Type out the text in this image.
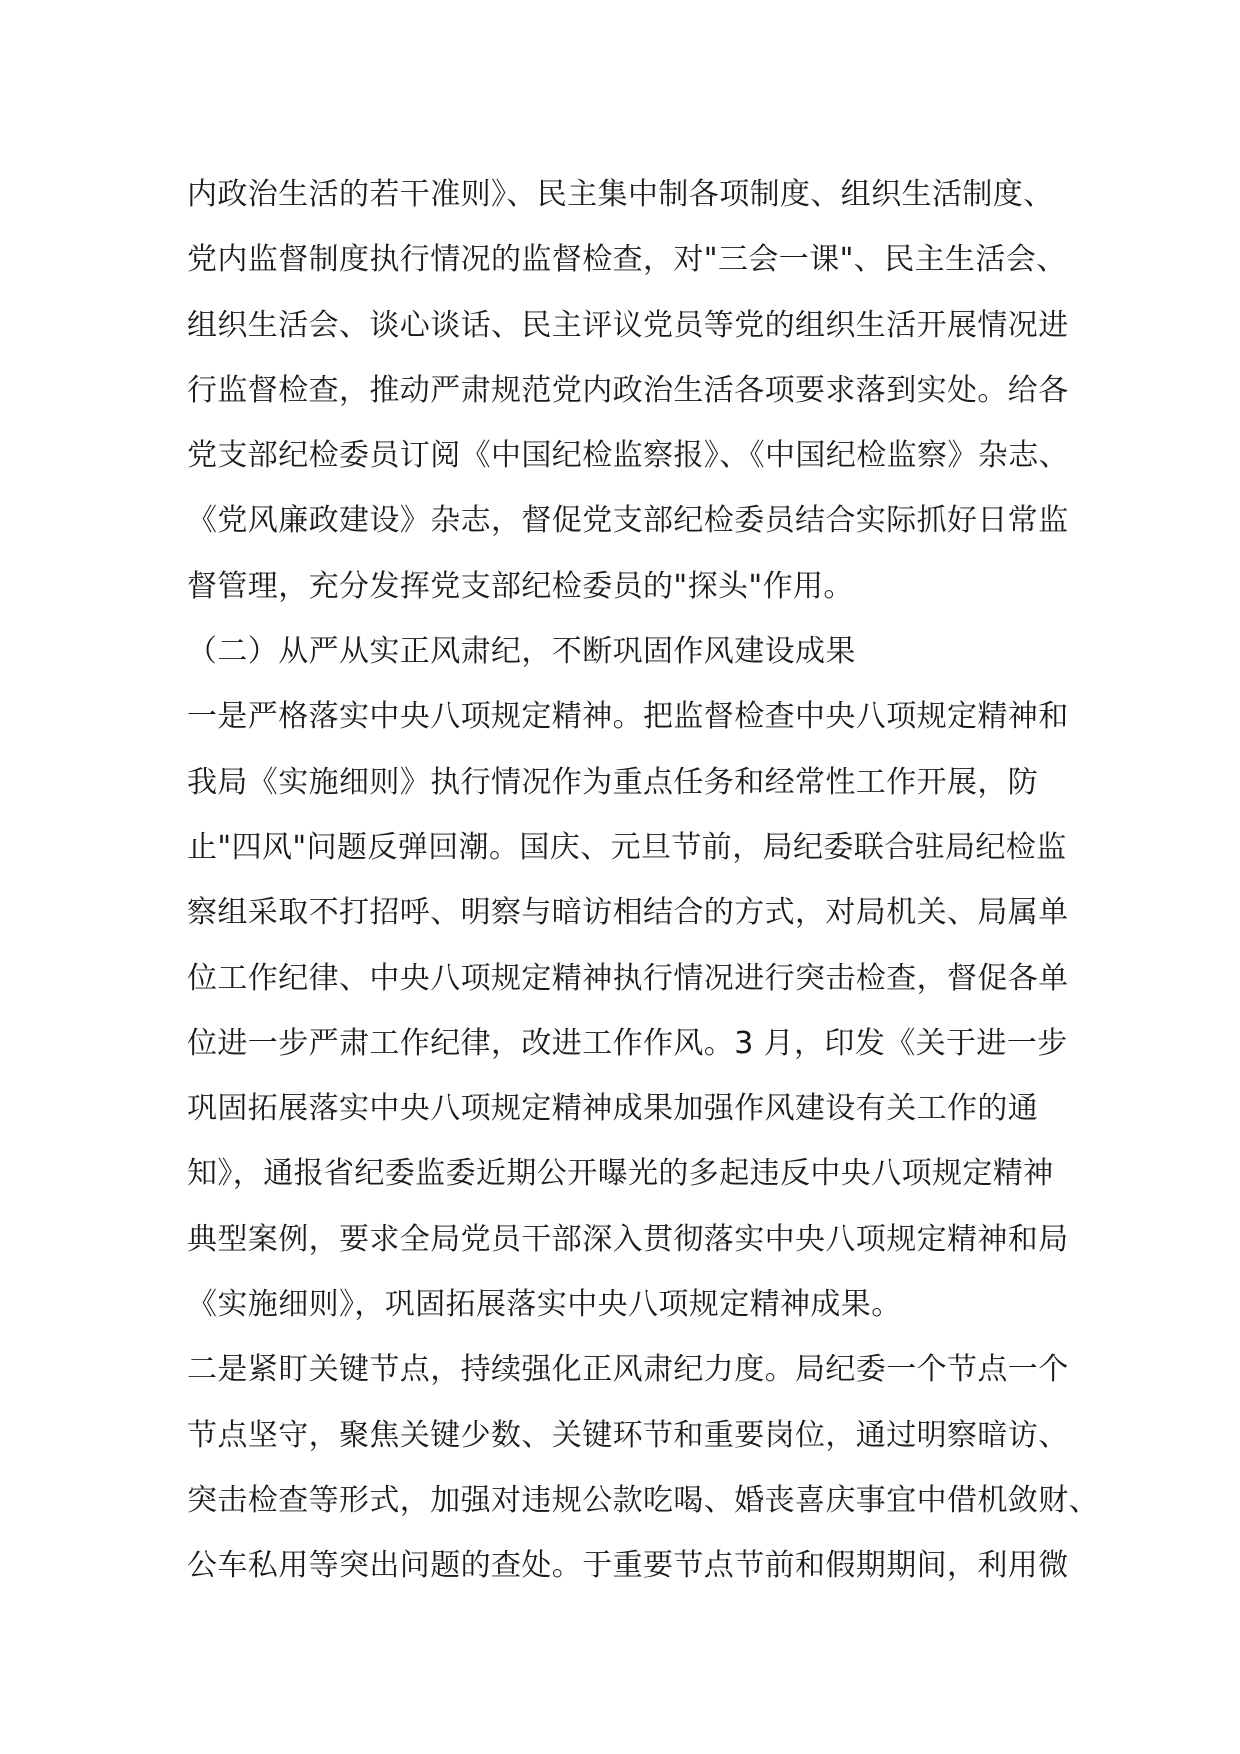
内政治生活的若干准则》、民主集中制各项制度、组织生活制度、
党内监督制度执行情况的监督检查，对"三会一课"、民主生活会、
组织生活会、谈心谈话、民主评议党员等党的组织生活开展情况进
行监督检查，推动严肃规范党内政治生活各项要求落到实处。给各
党支部纪检委员订阅《中国纪检监察报》、《中国纪检监察》杂志、
《党风廉政建设》杂志，督促党支部纪检委员结合实际抓好日常监
督管理，充分发挥党支部纪检委员的"探头"作用。
（二）从严从实正风肃纪，不断巩固作风建设成果
一是严格落实中央八项规定精神。把监督检查中央八项规定精神和
我局《实施细则》执行情况作为重点任务和经常性工作开展，防
止"四风"问题反弹回潮。国庆、元旦节前，局纪委联合驻局纪检监
察组采取不打招呼、明察与暗访相结合的方式，对局机关、局属单
位工作纪律、中央八项规定精神执行情况进行突击检查，督促各单
位进一步严肃工作纪律，改进工作作风。3 月，印发《关于进一步
巩固拓展落实中央八项规定精神成果加强作风建设有关工作的通
知》，通报省纪委监委近期公开曝光的多起违反中央八项规定精神
典型案例，要求全局党员干部深入贯彻落实中央八项规定精神和局
《实施细则》，巩固拓展落实中央八项规定精神成果。
二是紧盯关键节点，持续强化正风肃纪力度。局纪委一个节点一个
节点坚守，聚焦关键少数、关键环节和重要岗位，通过明察暗访、
突击检查等形式，加强对违规公款吃喝、婚丧喜庆事宜中借机敛财、
公车私用等突出问题的查处。于重要节点节前和假期期间，利用微
